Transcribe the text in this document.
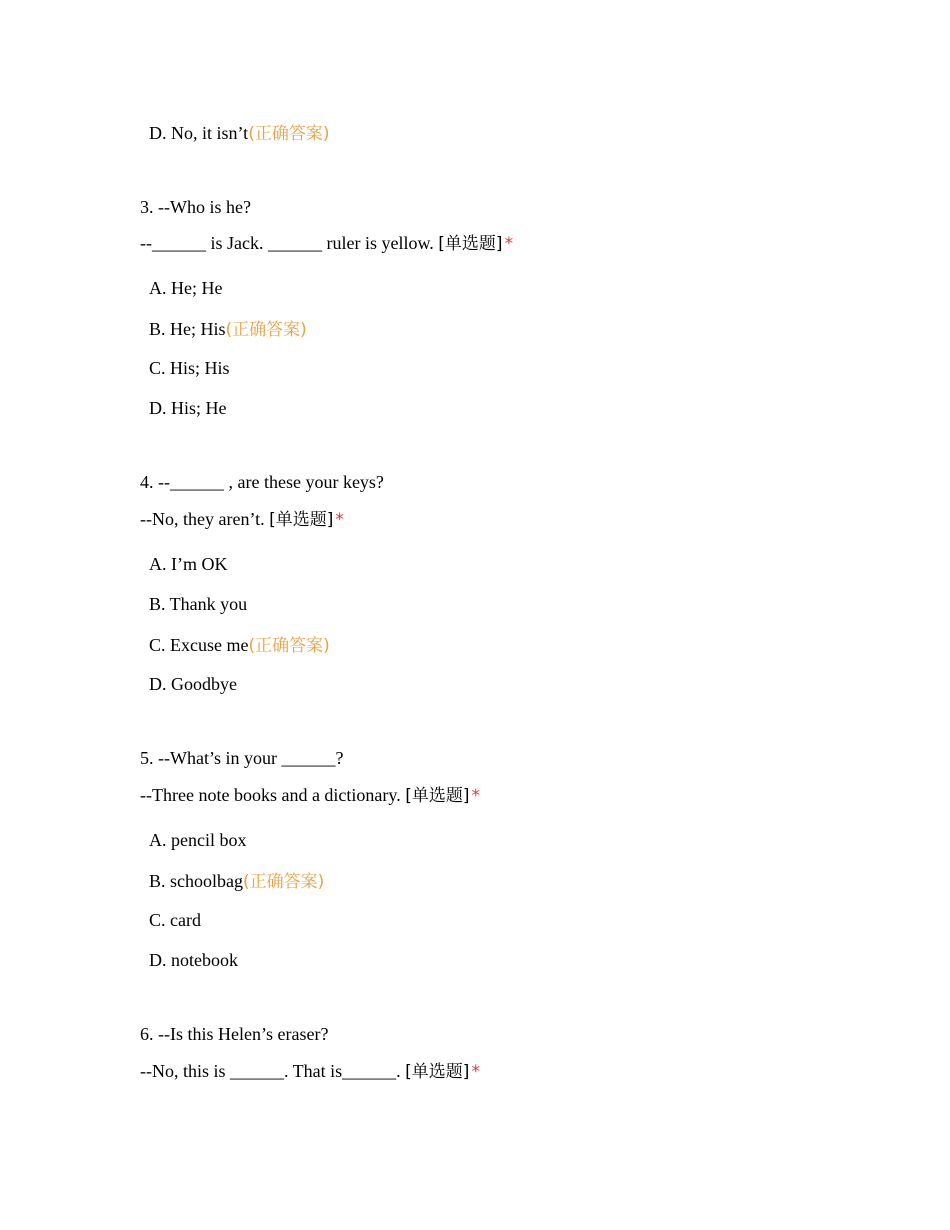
D. No, it isn’t(正确答案)
3. --Who is he?
--______ is Jack. ______ ruler is yellow. [单选题] *
A. He; He
B. He; His(正确答案)
C. His; His
D. His; He
4. --______ , are these your keys?
--No, they aren’t. [单选题] *
A. I’m OK
B. Thank you
C. Excuse me(正确答案)
D. Goodbye
5. --What’s in your ______?
--Three note books and a dictionary. [单选题] *
A. pencil box
B. schoolbag(正确答案)
C. card
D. notebook
6. --Is this Helen’s eraser?
--No, this is ______. That is______. [单选题] *
